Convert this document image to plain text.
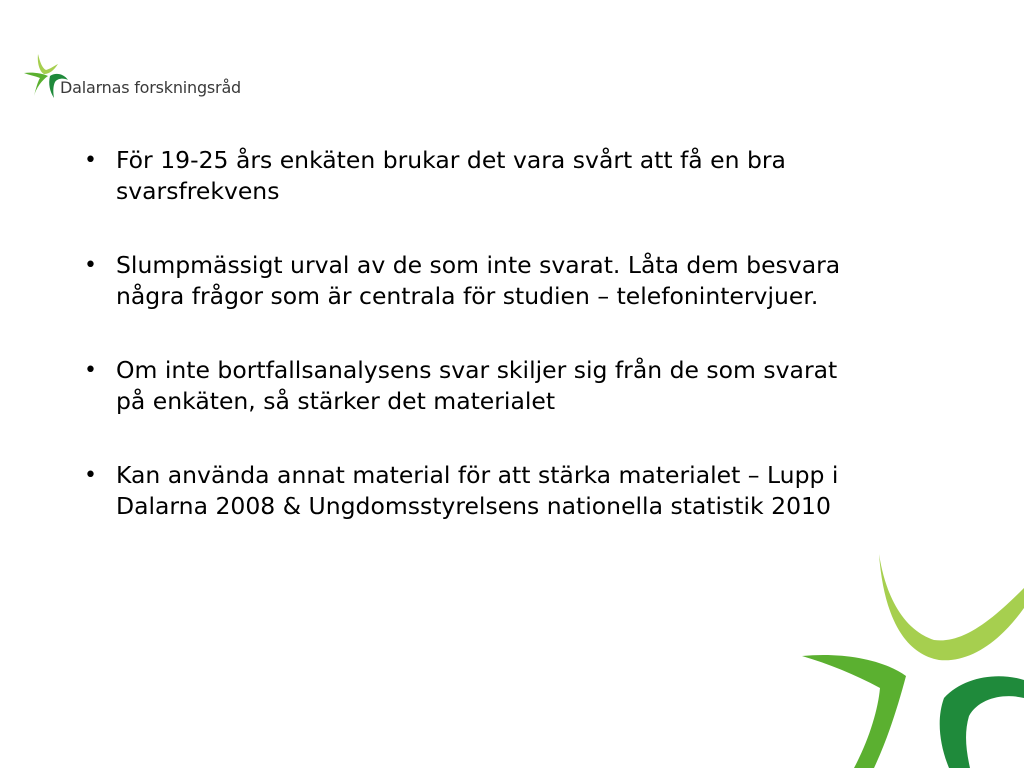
Dalarnas forskningsråd
• För 19-25 års enkäten brukar det vara svårt att få en bra svarsfrekvens
• Slumpmässigt urval av de som inte svarat. Låta dem besvara några frågor som är centrala för studien – telefonintervjuer.
• Om inte bortfallsanalysens svar skiljer sig från de som svarat på enkäten, så stärker det materialet
• Kan använda annat material för att stärka materialet – Lupp i Dalarna 2008 & Ungdomsstyrelsens nationella statistik 2010
